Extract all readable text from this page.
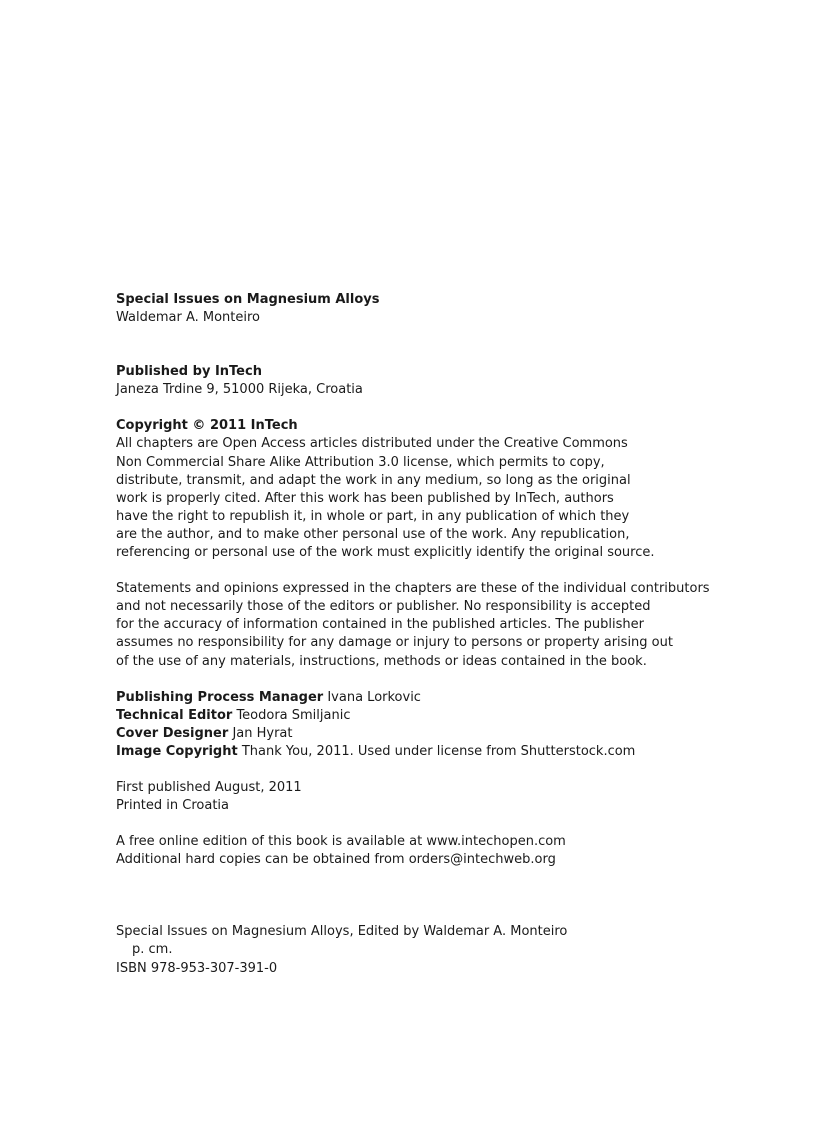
Special Issues on Magnesium Alloys
Waldemar A. Monteiro
Published by InTech
Janeza Trdine 9, 51000 Rijeka, Croatia
Copyright © 2011 InTech
All chapters are Open Access articles distributed under the Creative Commons
Non Commercial Share Alike Attribution 3.0 license, which permits to copy,
distribute, transmit, and adapt the work in any medium, so long as the original
work is properly cited. After this work has been published by InTech, authors
have the right to republish it, in whole or part, in any publication of which they
are the author, and to make other personal use of the work. Any republication,
referencing or personal use of the work must explicitly identify the original source.
Statements and opinions expressed in the chapters are these of the individual contributors
and not necessarily those of the editors or publisher. No responsibility is accepted
for the accuracy of information contained in the published articles. The publisher
assumes no responsibility for any damage or injury to persons or property arising out
of the use of any materials, instructions, methods or ideas contained in the book.
Publishing Process Manager Ivana Lorkovic
Technical Editor Teodora Smiljanic
Cover Designer Jan Hyrat
Image Copyright Thank You, 2011. Used under license from Shutterstock.com
First published August, 2011
Printed in Croatia
A free online edition of this book is available at www.intechopen.com
Additional hard copies can be obtained from orders@intechweb.org
Special Issues on Magnesium Alloys, Edited by Waldemar A. Monteiro
p. cm.
ISBN 978-953-307-391-0
